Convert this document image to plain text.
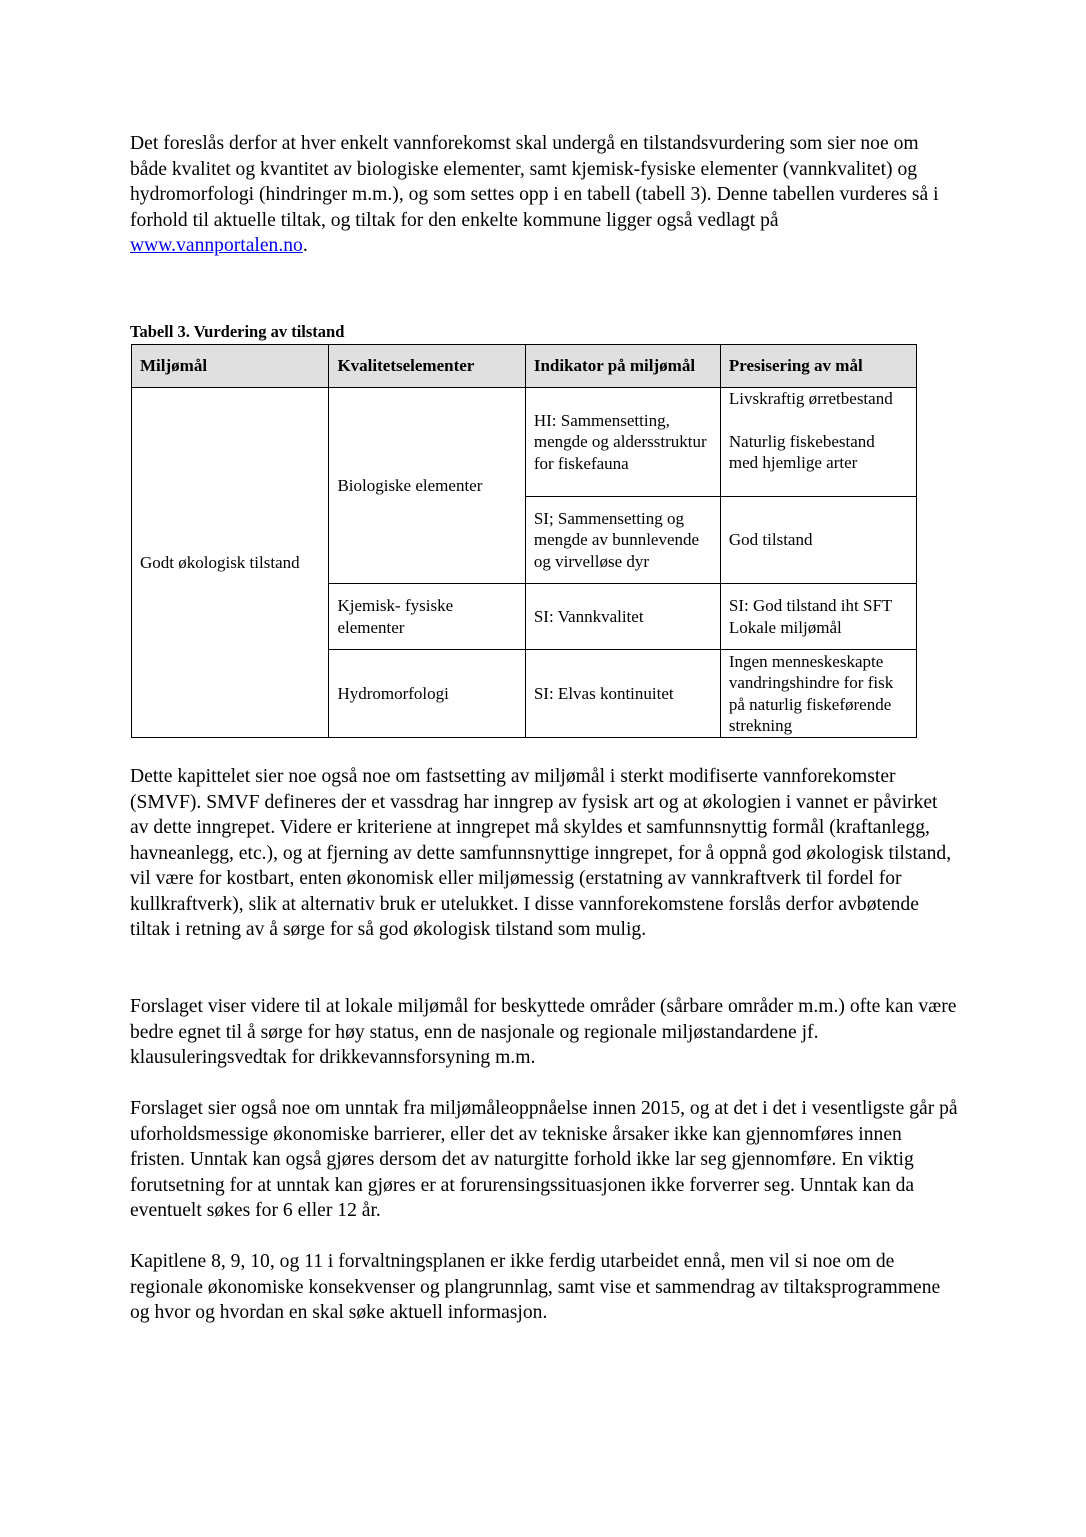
Det foreslås derfor at hver enkelt vannforekomst skal undergå en tilstandsvurdering som sier noe om både kvalitet og kvantitet av biologiske elementer, samt kjemisk-fysiske elementer (vannkvalitet) og hydromorfologi (hindringer m.m.), og som settes opp i en tabell (tabell 3). Denne tabellen vurderes så i forhold til aktuelle tiltak, og tiltak for den enkelte kommune ligger også vedlagt på www.vannportalen.no.

Tabell 3. Vurdering av tilstand

Miljømål	Kvalitetselementer	Indikator på miljømål	Presisering av mål
Godt økologisk tilstand	Biologiske elementer	HI: Sammensetting, mengde og aldersstruktur for fiskefauna	Livskraftig ørretbestand
Naturlig fiskebestand med hjemlige arter

		SI; Sammensetting og mengde av bunnlevende og virvelløse dyr	God tilstand
	Kjemisk- fysiske elementer	SI: Vannkvalitet	SI: God tilstand iht SFT
Lokale miljømål

	Hydromorfologi	SI: Elvas kontinuitet	Ingen menneskeskapte vandringshindre for fisk på naturlig fiskeførende strekning

Dette kapittelet sier noe også noe om fastsetting av miljømål i sterkt modifiserte vannforekomster (SMVF). SMVF defineres der et vassdrag har inngrep av fysisk art og at økologien i vannet er påvirket av dette inngrepet. Videre er kriteriene at inngrepet må skyldes et samfunnsnyttig formål (kraftanlegg, havneanlegg, etc.), og at fjerning av dette samfunnsnyttige inngrepet, for å oppnå god økologisk tilstand, vil være for kostbart, enten økonomisk eller miljømessig (erstatning av vannkraftverk til fordel for kullkraftverk), slik at alternativ bruk er utelukket. I disse vannforekomstene forslås derfor avbøtende tiltak i retning av å sørge for så god økologisk tilstand som mulig.

Forslaget viser videre til at lokale miljømål for beskyttede områder (sårbare områder m.m.) ofte kan være bedre egnet til å sørge for høy status, enn de nasjonale og regionale miljøstandardene jf. klausuleringsvedtak for drikkevannsforsyning m.m.

Forslaget sier også noe om unntak fra miljømåleoppnåelse innen 2015, og at det i det i vesentligste går på uforholdsmessige økonomiske barrierer, eller det av tekniske årsaker ikke kan gjennomføres innen fristen. Unntak kan også gjøres dersom det av naturgitte forhold ikke lar seg gjennomføre. En viktig forutsetning for at unntak kan gjøres er at forurensingssituasjonen ikke forverrer seg. Unntak kan da eventuelt søkes for 6 eller 12 år.

Kapitlene 8, 9, 10, og 11 i forvaltningsplanen er ikke ferdig utarbeidet ennå, men vil si noe om de regionale økonomiske konsekvenser og plangrunnlag, samt vise et sammendrag av tiltaksprogrammene og hvor og hvordan en skal søke aktuell informasjon.
